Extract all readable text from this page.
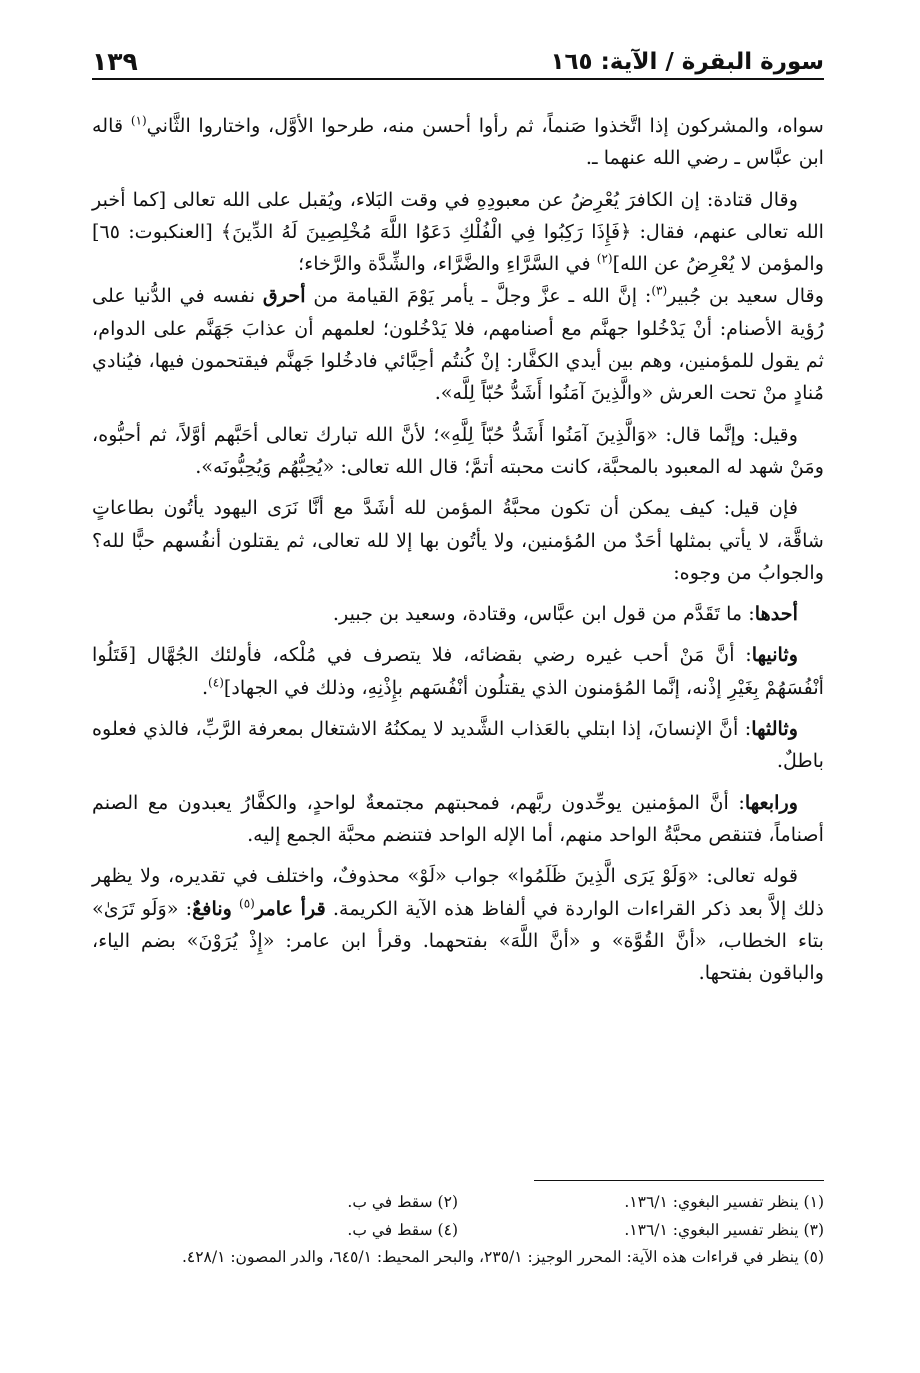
سورة البقرة / الآية: ١٦٥
١٣٩

سواه، والمشركون إذا اتَّخذوا صَنماً، ثم رأوا أحسن منه، طرحوا الأوَّل، واختاروا الثَّاني$^{(١)}$ قاله ابن عبَّاس ـ رضي الله عنهما ـ.

وقال قتادة: إن الكافرَ يُعْرِضُ عن معبودِهِ في وقت البَلاء، ويُقبل على الله تعالى [كما أخبر الله تعالى عنهم، فقال: ﴿فَإِذَا رَكِبُوا فِي الْفُلْكِ دَعَوُا اللَّهَ مُخْلِصِينَ لَهُ الدِّينَ﴾ [العنكبوت: ٦٥] والمؤمن لا يُعْرِضُ عن الله]$^{(٢)}$ في السَّرَّاءِ والضَّرَّاء، والشِّدَّة والرَّخاء؛
وقال سعيد بن جُبير$^{(٣)}$: إنَّ الله ـ عزَّ وجلَّ ـ يأمر يَوْمَ القيامة من أحرق نفسه في الدُّنيا على رُؤية الأصنام: أنْ يَدْخُلوا جهنَّم مع أصنامهم، فلا يَدْخُلون؛ لعلمهم أن عذابَ جَهَنَّم على الدوام، ثم يقول للمؤمنين، وهم بين أيدي الكفَّار: إنْ كُنتُم أحِبَّائي فادخُلوا جَهنَّم فيقتحمون فيها، فيُنادي مُنادٍ منْ تحت العرش «والَّذِينَ آمَنُوا أَشَدُّ حُبّاً لِلَّه».

وقيل: وإنَّما قال: «وَالَّذِينَ آمَنُوا أَشَدُّ حُبّاً لِلَّهِ»؛ لأنَّ الله تبارك تعالى أحَبَّهم أوَّلاً، ثم أحبُّوه، ومَنْ شهد له المعبود بالمحبَّة، كانت محبته أتمَّ؛ قال الله تعالى: «يُحِبُّهُم وَيُحِبُّونَه».

فإن قيل: كيف يمكن أن تكون محبَّةُ المؤمن لله أشَدَّ مع أنَّا نَرَى اليهود يأتُون بطاعاتٍ شاقَّة، لا يأتي بمثلها أحَدٌ من المُؤمنين، ولا يأتُون بها إلا لله تعالى، ثم يقتلون أنفُسهم حبًّا لله؟ والجوابُ من وجوه:

أحدها: ما تَقَدَّم من قول ابن عبَّاس، وقتادة، وسعيد بن جبير.

وثانيها: أنَّ مَنْ أحب غيره رضي بقضائه، فلا يتصرف في مُلْكه، فأولئك الجُهَّال [قَتَلُوا أنْفُسَهُمْ بِغَيْرِ إذْنه، إنَّما المُؤمنون الذي يقتلُون أنْفُسَهم بإِذْنِهِ، وذلك في الجهاد]$^{(٤)}$.

وثالثها: أنَّ الإنسانَ، إذا ابتلي بالعَذاب الشَّديد لا يمكنُهُ الاشتغال بمعرفة الرَّبِّ، فالذي فعلوه باطلٌ.

ورابعها: أنَّ المؤمنين يوحِّدون ربَّهم، فمحبتهم مجتمعةٌ لواحدٍ، والكفَّارُ يعبدون مع الصنم أصناماً، فتنقص محبَّةُ الواحد منهم، أما الإله الواحد فتنضم محبَّة الجمع إليه.

قوله تعالى: «وَلَوْ يَرَى الَّذِينَ ظَلَمُوا» جواب «لَوْ» محذوفٌ، واختلف في تقديره، ولا يظهر ذلك إلاَّ بعد ذكر القراءات الواردة في ألفاظ هذه الآية الكريمة. قرأ عامر$^{(٥)}$ ونافعٌ: «وَلَو تَرَىٰ» بتاء الخطاب، «أنَّ القُوَّة» و «أنَّ اللَّهَ» بفتحهما. وقرأ ابن عامر: «إِذْ يُرَوْنَ» بضم الياء، والباقون بفتحها.

(١) ينظر تفسير البغوي: ١٣٦/١.
(٢) سقط في ب.
(٣) ينظر تفسير البغوي: ١٣٦/١.
(٤) سقط في ب.
(٥) ينظر في قراءات هذه الآية: المحرر الوجيز: ٢٣٥/١، والبحر المحيط: ٦٤٥/١، والدر المصون: ٤٢٨/١.
